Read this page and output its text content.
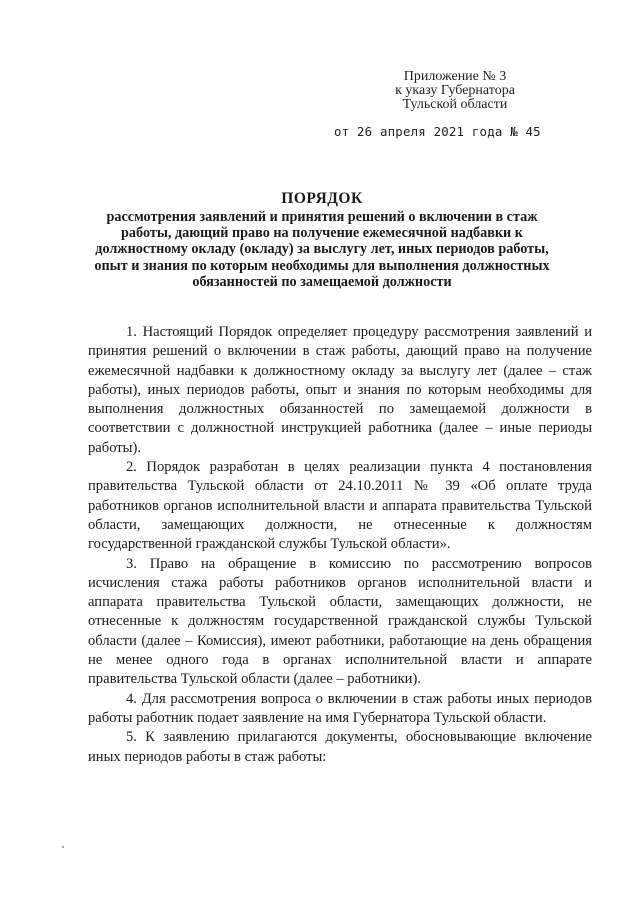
Приложение № 3
к указу Губернатора
Тульской области
от 26 апреля 2021 года № 45
ПОРЯДОК
рассмотрения заявлений и принятия решений о включении в стаж работы, дающий право на получение ежемесячной надбавки к должностному окладу (окладу) за выслугу лет, иных периодов работы, опыт и знания по которым необходимы для выполнения должностных обязанностей по замещаемой должности

1. Настоящий Порядок определяет процедуру рассмотрения заявлений и принятия решений о включении в стаж работы, дающий право на получение ежемесячной надбавки к должностному окладу за выслугу лет (далее – стаж работы), иных периодов работы, опыт и знания по которым необходимы для выполнения должностных обязанностей по замещаемой должности в соответствии с должностной инструкцией работника (далее – иные периоды работы).

2. Порядок разработан в целях реализации пункта 4 постановления правительства Тульской области от 24.10.2011 № 39 «Об оплате труда работников органов исполнительной власти и аппарата правительства Тульской области, замещающих должности, не отнесенные к должностям государственной гражданской службы Тульской области».

3. Право на обращение в комиссию по рассмотрению вопросов исчисления стажа работы работников органов исполнительной власти и аппарата правительства Тульской области, замещающих должности, не отнесенные к должностям государственной гражданской службы Тульской области (далее – Комиссия), имеют работники, работающие на день обращения не менее одного года в органах исполнительной власти и аппарате правительства Тульской области (далее – работники).

4. Для рассмотрения вопроса о включении в стаж работы иных периодов работы работник подает заявление на имя Губернатора Тульской области.

5. К заявлению прилагаются документы, обосновывающие включение иных периодов работы в стаж работы:
